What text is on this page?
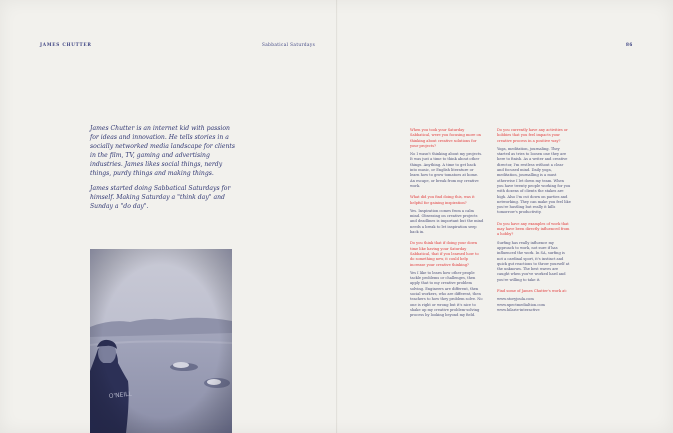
JAMES CHUTTER	Sabbatical Saturdays	86

James Chutter is an internet kid with passion for ideas and innovation. He tells stories in a socially networked media landscape for clients in the film, TV, gaming and advertising industries. James likes social things, nerdy things, purdy things and making things.

James started doing Sabbatical Saturdays for himself. Making Saturday a "think day" and Sunday a "do day".

When you took your Saturday Sabbatical, were you focusing more on thinking about creative solutions for your projects?
No I wasn't thinking about my projects. It was just a time to think about other things. Anything. A time to get back into music, or English literature or learn how to grow tomatoes at home. An escape, or break from my creative work.
What did you find doing this, was it helpful for gaining inspiration?
Yes. Inspiration comes from a calm mind. Obsessing on creative projects and deadlines is important but the mind needs a break to let inspiration seep back in.
Do you think that if doing your down time like having your Saturday Sabbatical, that if you learned how to do something new, it could help increase your creative thinking?
Yes I like to learn how other people tackle problems or challenges, then apply that to my creative problem solving. Engineers are different, then social workers, who are different, then teachers to how they problem solve. No one is right or wrong but it's nice to shake up my creative problem-solving process by looking beyond my field.
Do you currently have any activities or hobbies that you feel impacts your creative process in a positive way?
Yoga, meditation, journaling. They started as tries to loosen one they are here to finish. As a writer and creative director, I'm restless without a clear and focused mind. Daily yoga, meditation, journalling is a must otherwise I let down my team. When you have twenty people working for you with dozens of clients the stakes are high. Also I'm cut down on parties and networking. They can make you feel like you're hustling but really it kills tomorrow's productivity.
Do you have any examples of work that may have been directly influenced from a hobby?
Surfing has really influence my approach to work, not sure if has influenced the work. In SA, surfing is not a cardinal sport, it's instinct and quick gut reactions to throw yourself at the unknown. The best waves are caught when you've worked hard and you're willing to take it.
Find some of James Chutter's work at:
www.storyjoula.com
www.xpectmedialtion.com
www.hilarie-interactive
